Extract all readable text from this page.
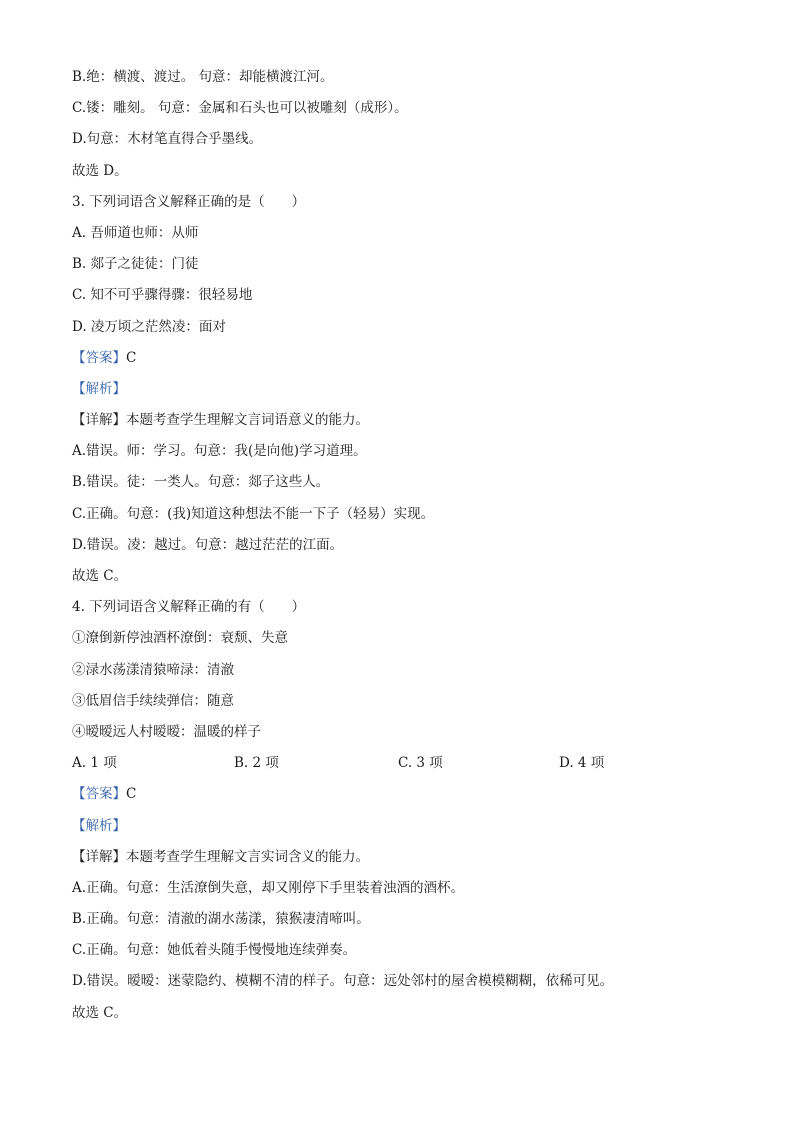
B.绝：横渡、渡过。 句意：却能横渡江河。
C.镂：雕刻。 句意：金属和石头也可以被雕刻（成形）。
D.句意：木材笔直得合乎墨线。
故选 D。
3. 下列词语含义解释正确的是（　　）
A. 吾师道也师：从师
B. 郯子之徒徒：门徒
C. 知不可乎骤得骤：很轻易地
D. 凌万顷之茫然凌：面对
【答案】C
【解析】
【详解】本题考查学生理解文言词语意义的能力。
A.错误。师：学习。句意：我(是向他)学习道理。
B.错误。徒：一类人。句意：郯子这些人。
C.正确。句意：(我)知道这种想法不能一下子（轻易）实现。
D.错误。凌：越过。句意：越过茫茫的江面。
故选 C。
4. 下列词语含义解释正确的有（　　）
①潦倒新停浊酒杯潦倒：衰颓、失意
②渌水荡漾清猿啼渌：清澈
③低眉信手续续弹信：随意
④暧暧远人村暧暧：温暖的样子
A. 1 项	B. 2 项	C. 3 项	D. 4 项
【答案】C
【解析】
【详解】本题考查学生理解文言实词含义的能力。
A.正确。句意：生活潦倒失意，却又刚停下手里装着浊酒的酒杯。
B.正确。句意：清澈的湖水荡漾，猿猴凄清啼叫。
C.正确。句意：她低着头随手慢慢地连续弹奏。
D.错误。暧暧：迷蒙隐约、模糊不清的样子。句意：远处邻村的屋舍模模糊糊，依稀可见。
故选 C。
